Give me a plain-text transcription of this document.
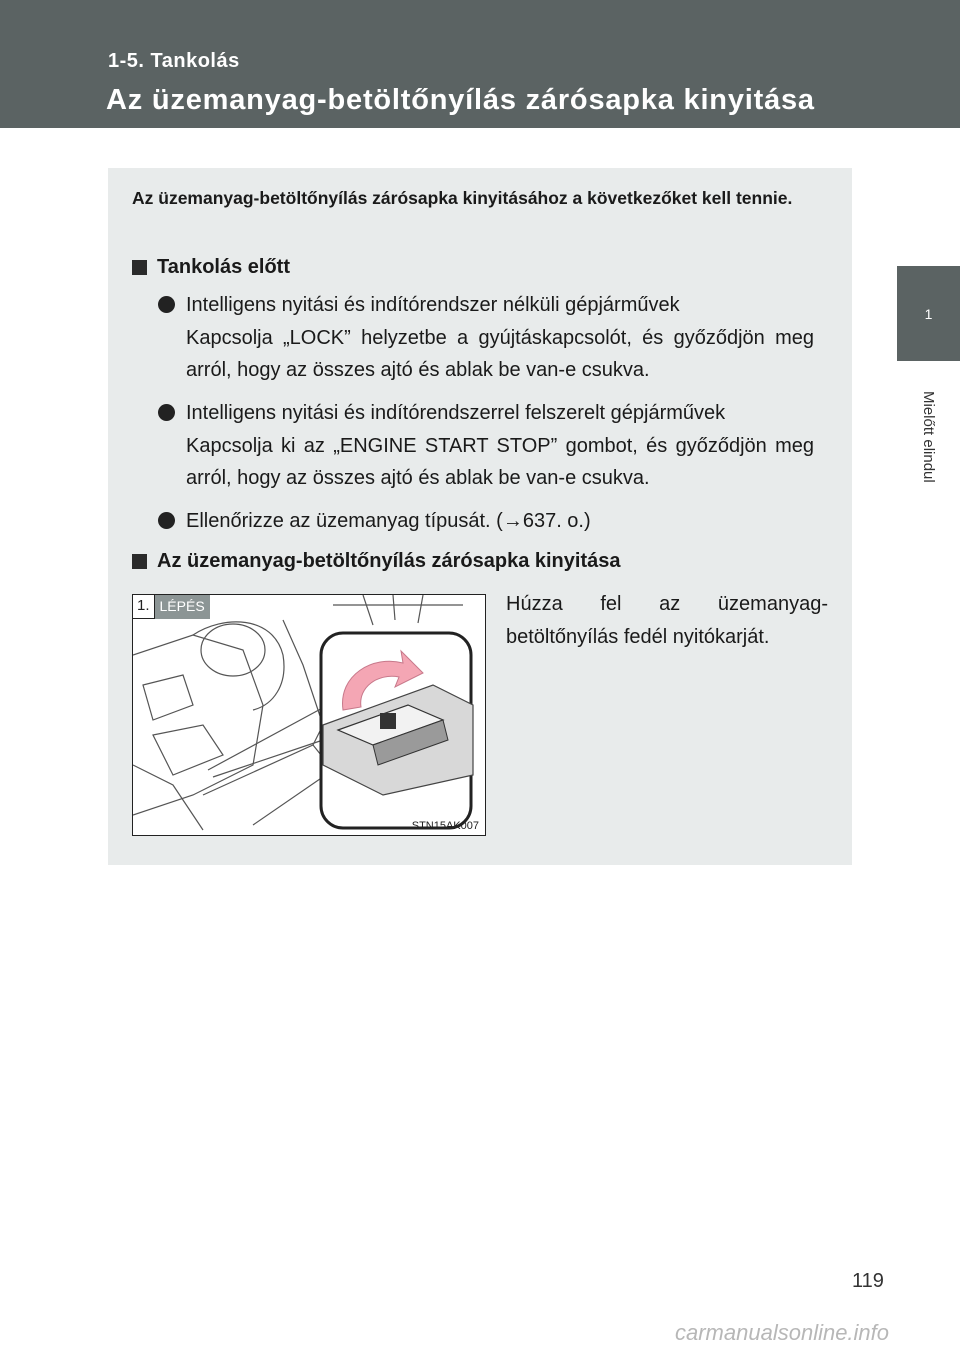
1-5. Tankolás
Az üzemanyag-betöltőnyílás zárósapka kinyitása
1
Mielőtt elindul
Az üzemanyag-betöltőnyílás zárósapka kinyitásához a következőket kell tennie.
Tankolás előtt
Intelligens nyitási és indítórendszer nélküli gépjárművek
Kapcsolja „LOCK” helyzetbe a gyújtáskapcsolót, és győződjön meg arról, hogy az összes ajtó és ablak be van-e csukva.
Intelligens nyitási és indítórendszerrel felszerelt gépjárművek
Kapcsolja ki az „ENGINE START STOP” gombot, és győződjön meg arról, hogy az összes ajtó és ablak be van-e csukva.
Ellenőrizze az üzemanyag típusát. (→637. o.)
Az üzemanyag-betöltőnyílás zárósapka kinyitása
1. LÉPÉS
STN15AK007
Húzza fel az üzemanyag-betöltőnyílás fedél nyitókarját.
119
carmanualsonline.info
